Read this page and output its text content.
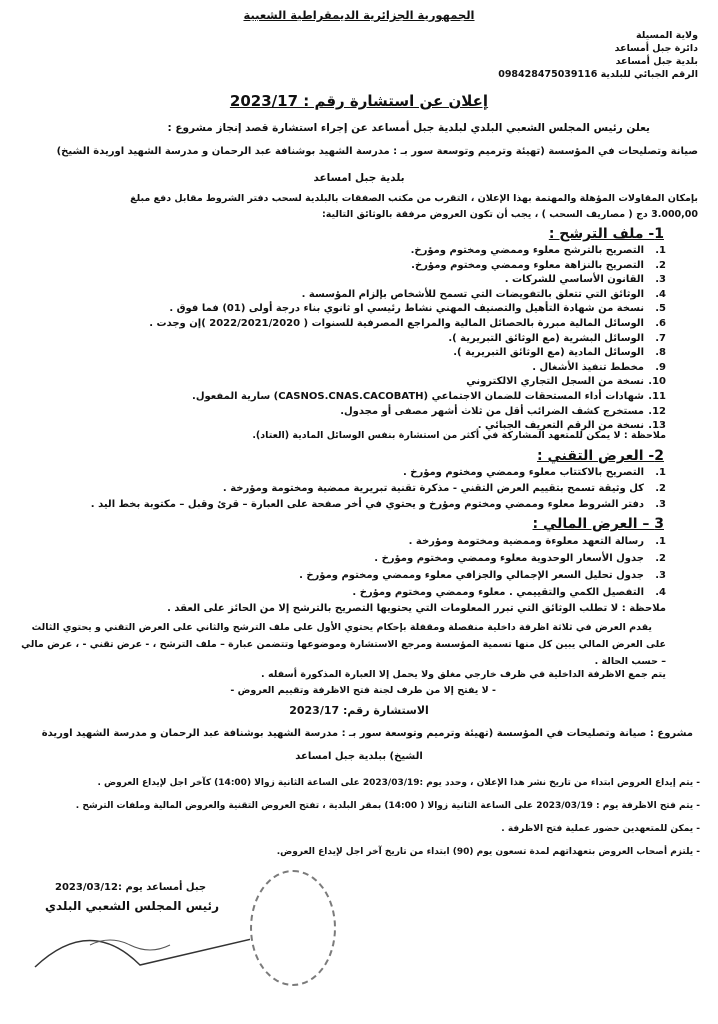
الجمهورية الجزائرية الديمقراطية الشعبية
ولاية المسيلة
دائرة جبل أمساعد
بلدية جبل أمساعد
الرقم الجبائي للبلدية 098428475039116
إعلان عن استشارة رقم : 2023/17
يعلن رئيس المجلس الشعبي البلدي لبلدية جبل أمساعد عن إجراء استشارة قصد إنجاز مشروع :
صيانة وتصليحات في المؤسسة (تهيئة وترميم وتوسعة سور بـ : مدرسة الشهيد بوشنافة عبد الرحمان و مدرسة الشهيد اوريدة الشيخ)
بلدية جبل امساعد
بإمكان المقاولات المؤهلة والمهتمة بهذا الإعلان ، التقرب من مكتب الصفقات بالبلدية لسحب دفتر الشروط مقابل دفع مبلغ
3.000,00 دج ( مصاريف السحب ) ، يجب أن تكون العروض مرفقة بالوثائق التالية:
1- ملف الترشح :
1.التصريح بالترشح معلوء وممضي ومختوم ومؤرخ.
2.التصريح بالنزاهة معلوء وممضي ومختوم ومؤرخ.
3.القانون الأساسي للشركات .
4.الوثائق التي تتعلق بالتفويضات التي تسمح للأشخاص بإلزام المؤسسة .
5.نسخة من شهادة التأهيل والتصنيف المهني نشاط رئيسي او ثانوي بناء درجة أولى (01) فما فوق .
6.الوسائل المالية مبررة بالحصائل المالية والمراجع المصرفية للسنوات ( 2022/2021/2020 )إن وجدت .
7.الوسائل البشرية (مع الوثائق التبريرية ).
8.الوسائل المادية (مع الوثائق التبريرية ).
9.مخطط تنفيذ الأشغال .
10.نسخة من السجل التجاري الالكتروني
11.شهادات أداء المستحقات للضمان الاجتماعي (CASNOS.CNAS.CACOBATH) سارية المفعول.
12.مستخرج كشف الضرائب أقل من ثلاث أشهر مصفى أو مجدول.
13.نسخة من الرقم التعريف الجبائي .
ملاحظة : لا يمكن للمتعهد المشاركة في أكثر من استشارة بنفس الوسائل المادية (العتاد).
2- العرض التقني :
1.التصريح بالاكتتاب معلوء وممضي ومختوم ومؤرخ .
2.كل وثيقة تسمح بتقييم العرض التقني - مذكرة تقنية تبريرية ممضية ومختومة ومؤرخة .
3.دفتر الشروط معلوء وممضي ومختوم ومؤرخ و يحتوي في أخر صفحة على العبارة – قرئ وقبل – مكتوبة بخط اليد .
3 – العرض المالي :
1.رسالة التعهد معلوءة وممضية ومختومة ومؤرخة .
2.جدول الأسعار الوحدوية معلوء وممضي ومختوم ومؤرخ .
3.جدول تحليل السعر الإجمالي والجزافي معلوء وممضي ومختوم ومؤرخ .
4.التفصيل الكمي والتقييمي . معلوء وممضي ومختوم ومؤرخ .
ملاحظة : لا تطلب الوثائق التي تبرر المعلومات التي يحتويها التصريح بالترشح إلا من الحائز على العقد .
يقدم العرض في ثلاثة اظرفة داخلية منفصلة ومقفلة بإحكام يحتوي الأول على ملف الترشح والثاني على العرض التقني و يحتوي الثالث
على العرض المالي يبين كل منها تسمية المؤسسة ومرجع الاستشارة وموضوعها وتتضمن عبارة – ملف الترشح ، - عرض تقني - ، عرض مالي
– حسب الحالة .
يتم جمع الاظرفة الداخلية في ظرف خارجي مغلق ولا يحمل إلا العبارة المذكورة أسفله .
- لا يفتح إلا من طرف لجنة فتح الاظرفة وتقييم العروض -
الاستشارة رقم: 2023/17
مشروع : صيانة وتصليحات في المؤسسة (تهيئة وترميم وتوسعة سور بـ : مدرسة الشهيد بوشنافة عبد الرحمان و مدرسة الشهيد اوريدة
الشيخ) ببلدية جبل امساعد
- يتم إيداع العروض ابتداء من تاريخ نشر هذا الإعلان ، وحدد يوم :2023/03/19 على الساعة الثانية زوالا (14:00) كآخر اجل لإيداع العروض .
- يتم فتح الاظرفة يوم : 2023/03/19 على الساعة الثانية زوالا ( 14:00) بمقر البلدية ، تفتح العروض التقنية والعروض المالية وملفات الترشح .
- يمكن للمتعهدين حضور عملية فتح الاظرفة .
- يلتزم أصحاب العروض بتعهداتهم لمدة تسعون يوم (90) ابتداء من تاريخ آخر اجل لإيداع العروض.
جبل أمساعد يوم :2023/03/12
رئيس المجلس الشعبي البلدي
